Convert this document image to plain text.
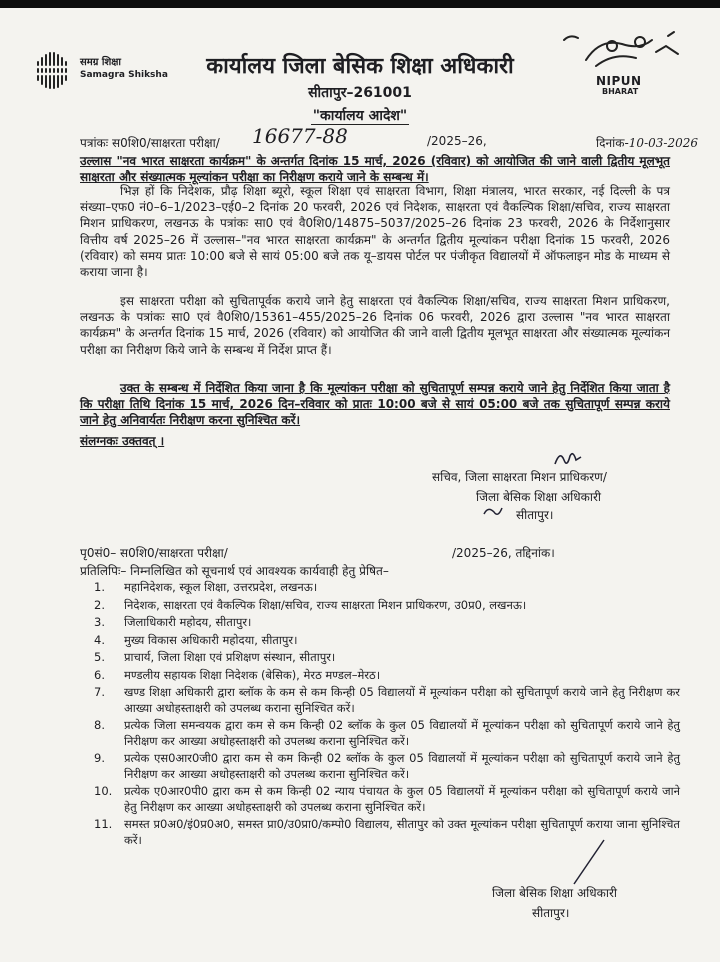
समग्र शिक्षा
Samagra Shiksha	NIPUN
BHARAT
कार्यालय जिला बेसिक शिक्षा अधिकारी
सीतापुर–261001
"कार्यालय आदेश"
पत्रांकः स0शि0/साक्षरता परीक्षा/ 16677-88	/2025–26,	दिनांक-10-03-2026
उल्लास "नव भारत साक्षरता कार्यक्रम" के अन्तर्गत दिनांक 15 मार्च, 2026 (रविवार) को आयोजित की जाने वाली द्वितीय मूलभूत साक्षरता और संख्यात्मक मूल्यांकन परीक्षा का निरीक्षण कराये जाने के सम्बन्ध में।
भिज्ञ हों कि निदेशक, प्रौढ़ शिक्षा ब्यूरो, स्कूल शिक्षा एवं साक्षरता विभाग, शिक्षा मंत्रालय, भारत सरकार, नई दिल्ली के पत्र संख्या–एफ0 नं0–6–1/2023–एई0–2 दिनांक 20 फरवरी, 2026 एवं निदेशक, साक्षरता एवं वैकल्पिक शिक्षा/सचिव, राज्य साक्षरता मिशन प्राधिकरण, लखनऊ के पत्रांकः सा0 एवं वै0शि0/14875–5037/2025–26 दिनांक 23 फरवरी, 2026 के निर्देशानुसार वित्तीय वर्ष 2025–26 में उल्लास–"नव भारत साक्षरता कार्यक्रम" के अन्तर्गत द्वितीय मूल्यांकन परीक्षा दिनांक 15 फरवरी, 2026 (रविवार) को समय प्रातः 10:00 बजे से सायं 05:00 बजे तक यू–डायस पोर्टल पर पंजीकृत विद्यालयों में ऑफलाइन मोड के माध्यम से कराया जाना है।
इस साक्षरता परीक्षा को सुचितापूर्वक कराये जाने हेतु साक्षरता एवं वैकल्पिक शिक्षा/सचिव, राज्य साक्षरता मिशन प्राधिकरण, लखनऊ के पत्रांकः सा0 एवं वै0शि0/15361–455/2025–26 दिनांक 06 फरवरी, 2026 द्वारा उल्लास "नव भारत साक्षरता कार्यक्रम" के अन्तर्गत दिनांक 15 मार्च, 2026 (रविवार) को आयोजित की जाने वाली द्वितीय मूलभूत साक्षरता और संख्यात्मक मूल्यांकन परीक्षा का निरीक्षण किये जाने के सम्बन्ध में निर्देश प्राप्त हैं।
उक्त के सम्बन्ध में निर्देशित किया जाना है कि मूल्यांकन परीक्षा को सुचितापूर्ण सम्पन्न कराये जाने हेतु निर्देशित किया जाता है कि परीक्षा तिथि दिनांक 15 मार्च, 2026 दिन–रविवार को प्रातः 10:00 बजे से सायं 05:00 बजे तक सुचितापूर्ण सम्पन्न कराये जाने हेतु अनिवार्यतः निरीक्षण करना सुनिश्चित करें।
संलग्नकः उक्तवत् ।
सचिव, जिला साक्षरता मिशन प्राधिकरण/
जिला बेसिक शिक्षा अधिकारी
सीतापुर।
पृ0सं0– स0शि0/साक्षरता परीक्षा/	/2025–26, तद्दिनांक।
प्रतिलिपिः– निम्नलिखित को सूचनार्थ एवं आवश्यक कार्यवाही हेतु प्रेषित–
1. महानिदेशक, स्कूल शिक्षा, उत्तरप्रदेश, लखनऊ।
2. निदेशक, साक्षरता एवं वैकल्पिक शिक्षा/सचिव, राज्य साक्षरता मिशन प्राधिकरण, उ0प्र0, लखनऊ।
3. जिलाधिकारी महोदय, सीतापुर।
4. मुख्य विकास अधिकारी महोदया, सीतापुर।
5. प्राचार्य, जिला शिक्षा एवं प्रशिक्षण संस्थान, सीतापुर।
6. मण्डलीय सहायक शिक्षा निदेशक (बेसिक), मेरठ मण्डल–मेरठ।
7. खण्ड शिक्षा अधिकारी द्वारा ब्लॉक के कम से कम किन्ही 05 विद्यालयों में मूल्यांकन परीक्षा को सुचितापूर्ण कराये जाने हेतु निरीक्षण कर आख्या अधोहस्ताक्षरी को उपलब्ध कराना सुनिश्चित करें।
8. प्रत्येक जिला समन्वयक द्वारा कम से कम किन्ही 02 ब्लॉक के कुल 05 विद्यालयों में मूल्यांकन परीक्षा को सुचितापूर्ण कराये जाने हेतु निरीक्षण कर आख्या अधोहस्ताक्षरी को उपलब्ध कराना सुनिश्चित करें।
9. प्रत्येक एस0आर0जी0 द्वारा कम से कम किन्ही 02 ब्लॉक के कुल 05 विद्यालयों में मूल्यांकन परीक्षा को सुचितापूर्ण कराये जाने हेतु निरीक्षण कर आख्या अधोहस्ताक्षरी को उपलब्ध कराना सुनिश्चित करें।
10. प्रत्येक ए0आर0पी0 द्वारा कम से कम किन्ही 02 न्याय पंचायत के कुल 05 विद्यालयों में मूल्यांकन परीक्षा को सुचितापूर्ण कराये जाने हेतु निरीक्षण कर आख्या अधोहस्ताक्षरी को उपलब्ध कराना सुनिश्चित करें।
11. समस्त प्र0अ0/इं0प्र0अ0, समस्त प्रा0/उ0प्रा0/कम्पो0 विद्यालय, सीतापुर को उक्त मूल्यांकन परीक्षा सुचितापूर्ण कराया जाना सुनिश्चित करें।
जिला बेसिक शिक्षा अधिकारी
सीतापुर।
